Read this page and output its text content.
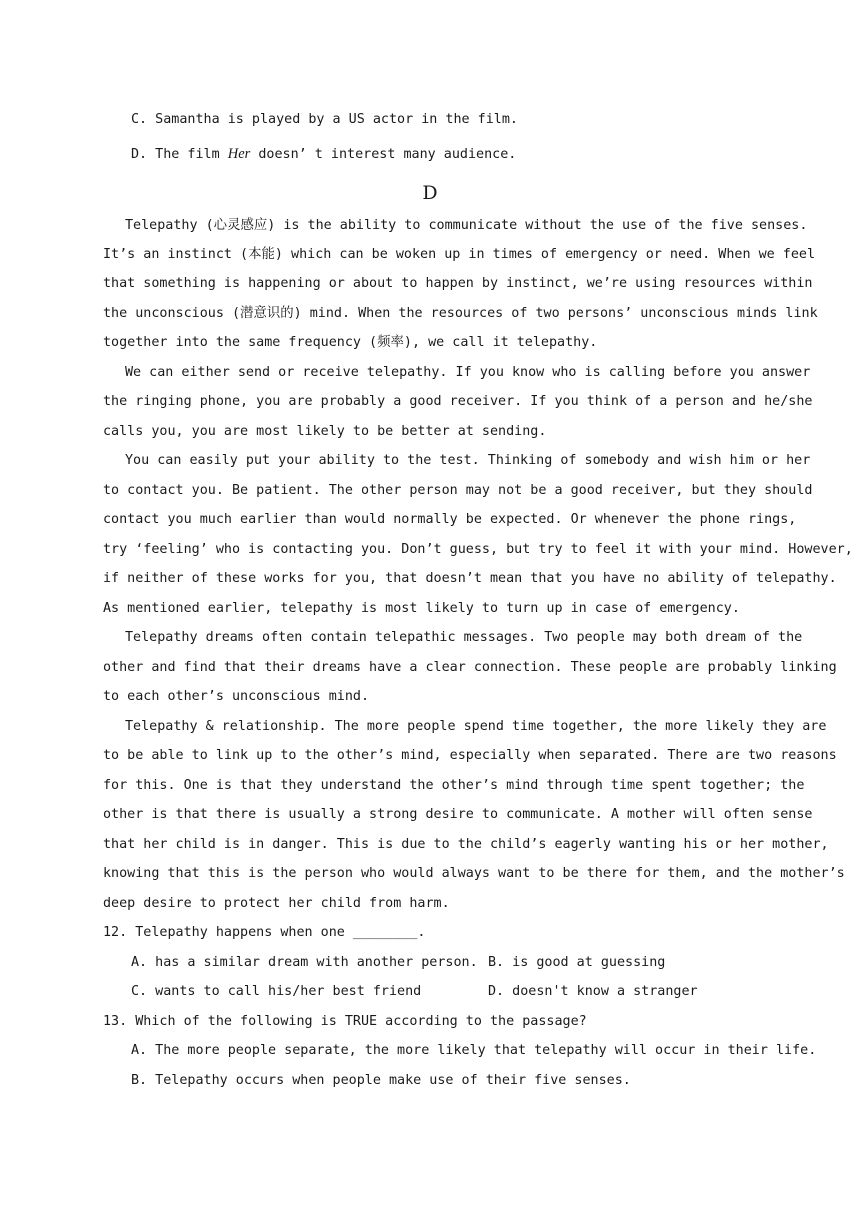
C. Samantha is played by a US actor in the film.
D. The film Her doesn’ t interest many audience.
D
Telepathy (心灵感应) is the ability to communicate without the use of the five senses.
It’s an instinct (本能) which can be woken up in times of emergency or need. When we feel
that something is happening or about to happen by instinct, we’re using resources within
the unconscious (潜意识的) mind. When the resources of two persons’ unconscious minds link
together into the same frequency (频率), we call it telepathy.
We can either send or receive telepathy. If you know who is calling before you answer
the ringing phone, you are probably a good receiver. If you think of a person and he/she
calls you, you are most likely to be better at sending.
You can easily put your ability to the test. Thinking of somebody and wish him or her
to contact you. Be patient. The other person may not be a good receiver, but they should
contact you much earlier than would normally be expected. Or whenever the phone rings,
try ‘feeling’ who is contacting you. Don’t guess, but try to feel it with your mind. However,
if neither of these works for you, that doesn’t mean that you have no ability of telepathy.
As mentioned earlier, telepathy is most likely to turn up in case of emergency.
Telepathy dreams often contain telepathic messages. Two people may both dream of the
other and find that their dreams have a clear connection. These people are probably linking
to each other’s unconscious mind.
Telepathy & relationship. The more people spend time together, the more likely they are
to be able to link up to the other’s mind, especially when separated. There are two reasons
for this. One is that they understand the other’s mind through time spent together; the
other is that there is usually a strong desire to communicate. A mother will often sense
that her child is in danger. This is due to the child’s eagerly wanting his or her mother,
knowing that this is the person who would always want to be there for them, and the mother’s
deep desire to protect her child from harm.
12. Telepathy happens when one ________.
A. has a similar dream with another person. B. is good at guessing
C. wants to call his/her best friend	D. doesn't know a stranger
13. Which of the following is TRUE according to the passage?
A. The more people separate, the more likely that telepathy will occur in their life.
B. Telepathy occurs when people make use of their five senses.
